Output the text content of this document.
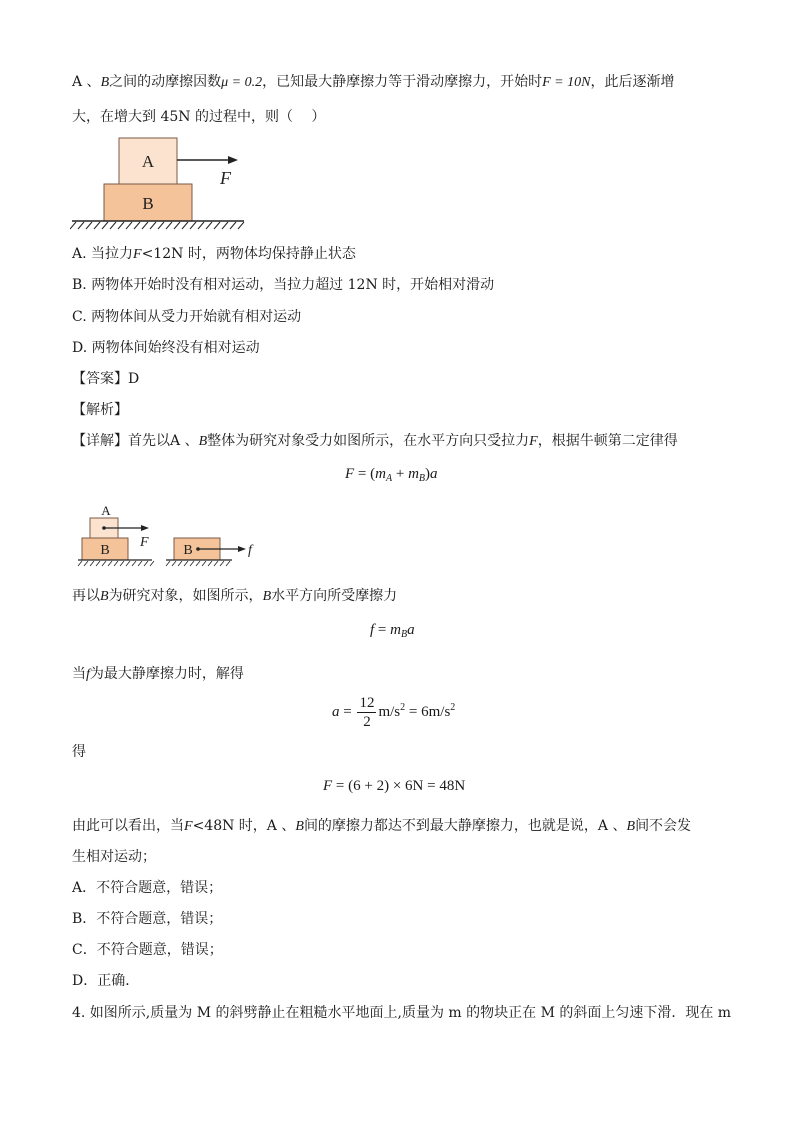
A 、B之间的动摩擦因数μ = 0.2，已知最大静摩擦力等于滑动摩擦力，开始时F = 10N，此后逐渐增
大，在增大到 45N 的过程中，则（　 ）
A
B
F
A. 当拉力F<12N 时，两物体均保持静止状态
B. 两物体开始时没有相对运动，当拉力超过 12N 时，开始相对滑动
C. 两物体间从受力开始就有相对运动
D. 两物体间始终没有相对运动
【答案】D
【解析】
【详解】首先以A 、B整体为研究对象受力如图所示，在水平方向只受拉力F，根据牛顿第二定律得
$F = (m_A + m_B)a$
A
B
F
B	f
再以B为研究对象，如图所示，B水平方向所受摩擦力
$f = m_Ba$
当f为最大静摩擦力时，解得
$a = \frac{12}{2} m/s^2 = 6m/s^2$
得
F = (6 + 2) × 6N = 48N
由此可以看出，当F<48N 时，A 、B间的摩擦力都达不到最大静摩擦力，也就是说，A 、B间不会发
生相对运动；
A．不符合题意，错误；
B．不符合题意，错误；
C．不符合题意，错误；
D．正确．
4. 如图所示,质量为 M 的斜劈静止在粗糙水平地面上,质量为 m 的物块正在 M 的斜面上匀速下滑．现在 m
